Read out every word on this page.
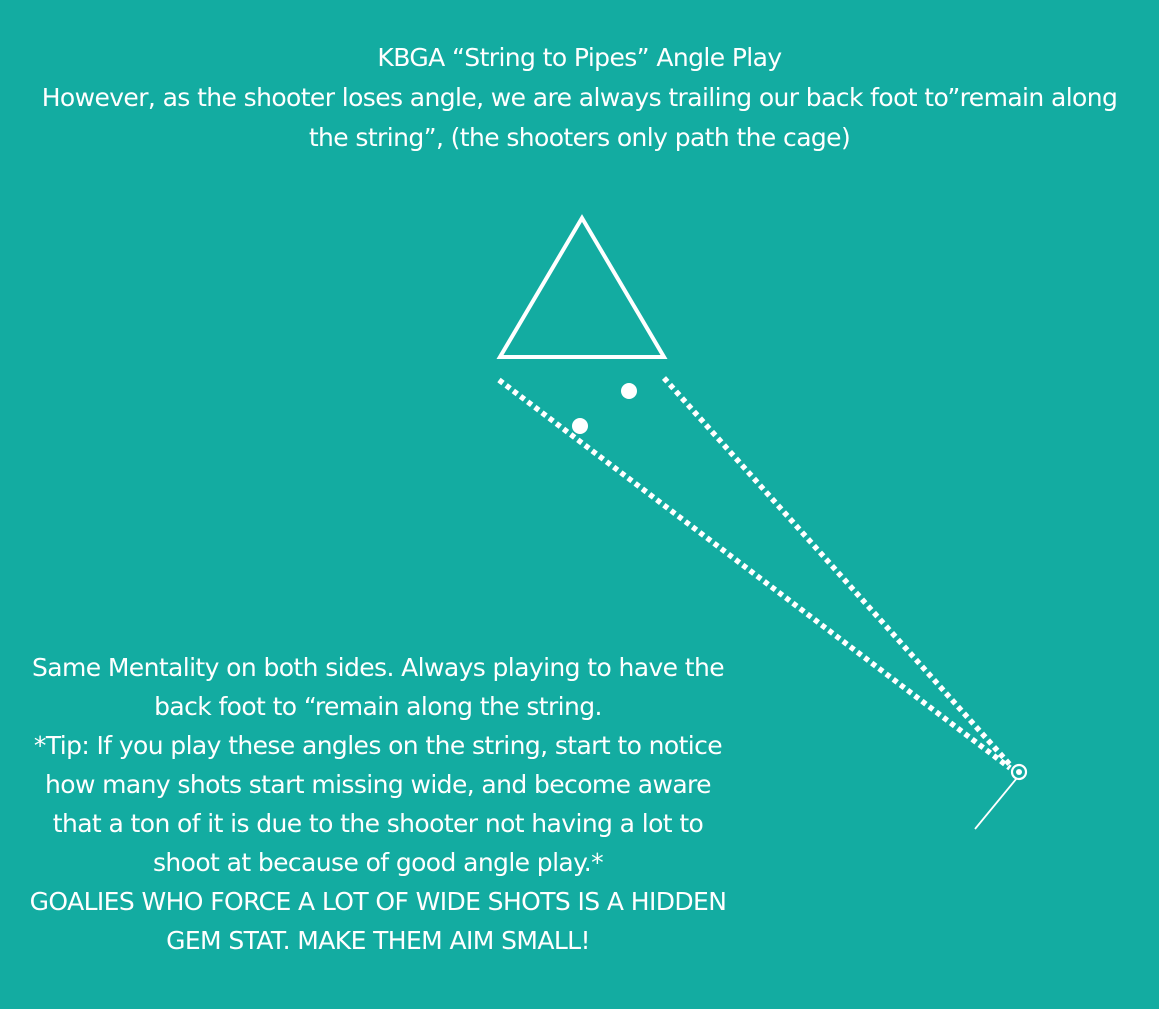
KBGA “String to Pipes” Angle Play
However, as the shooter loses angle, we are always trailing our back foot to”remain along
the string”, (the shooters only path the cage)
Same Mentality on both sides. Always playing to have the
back foot to “remain along the string.
*Tip: If you play these angles on the string, start to notice
how many shots start missing wide, and become aware
that a ton of it is due to the shooter not having a lot to
shoot at because of good angle play.*
GOALIES WHO FORCE A LOT OF WIDE SHOTS IS A HIDDEN
GEM STAT. MAKE THEM AIM SMALL!
